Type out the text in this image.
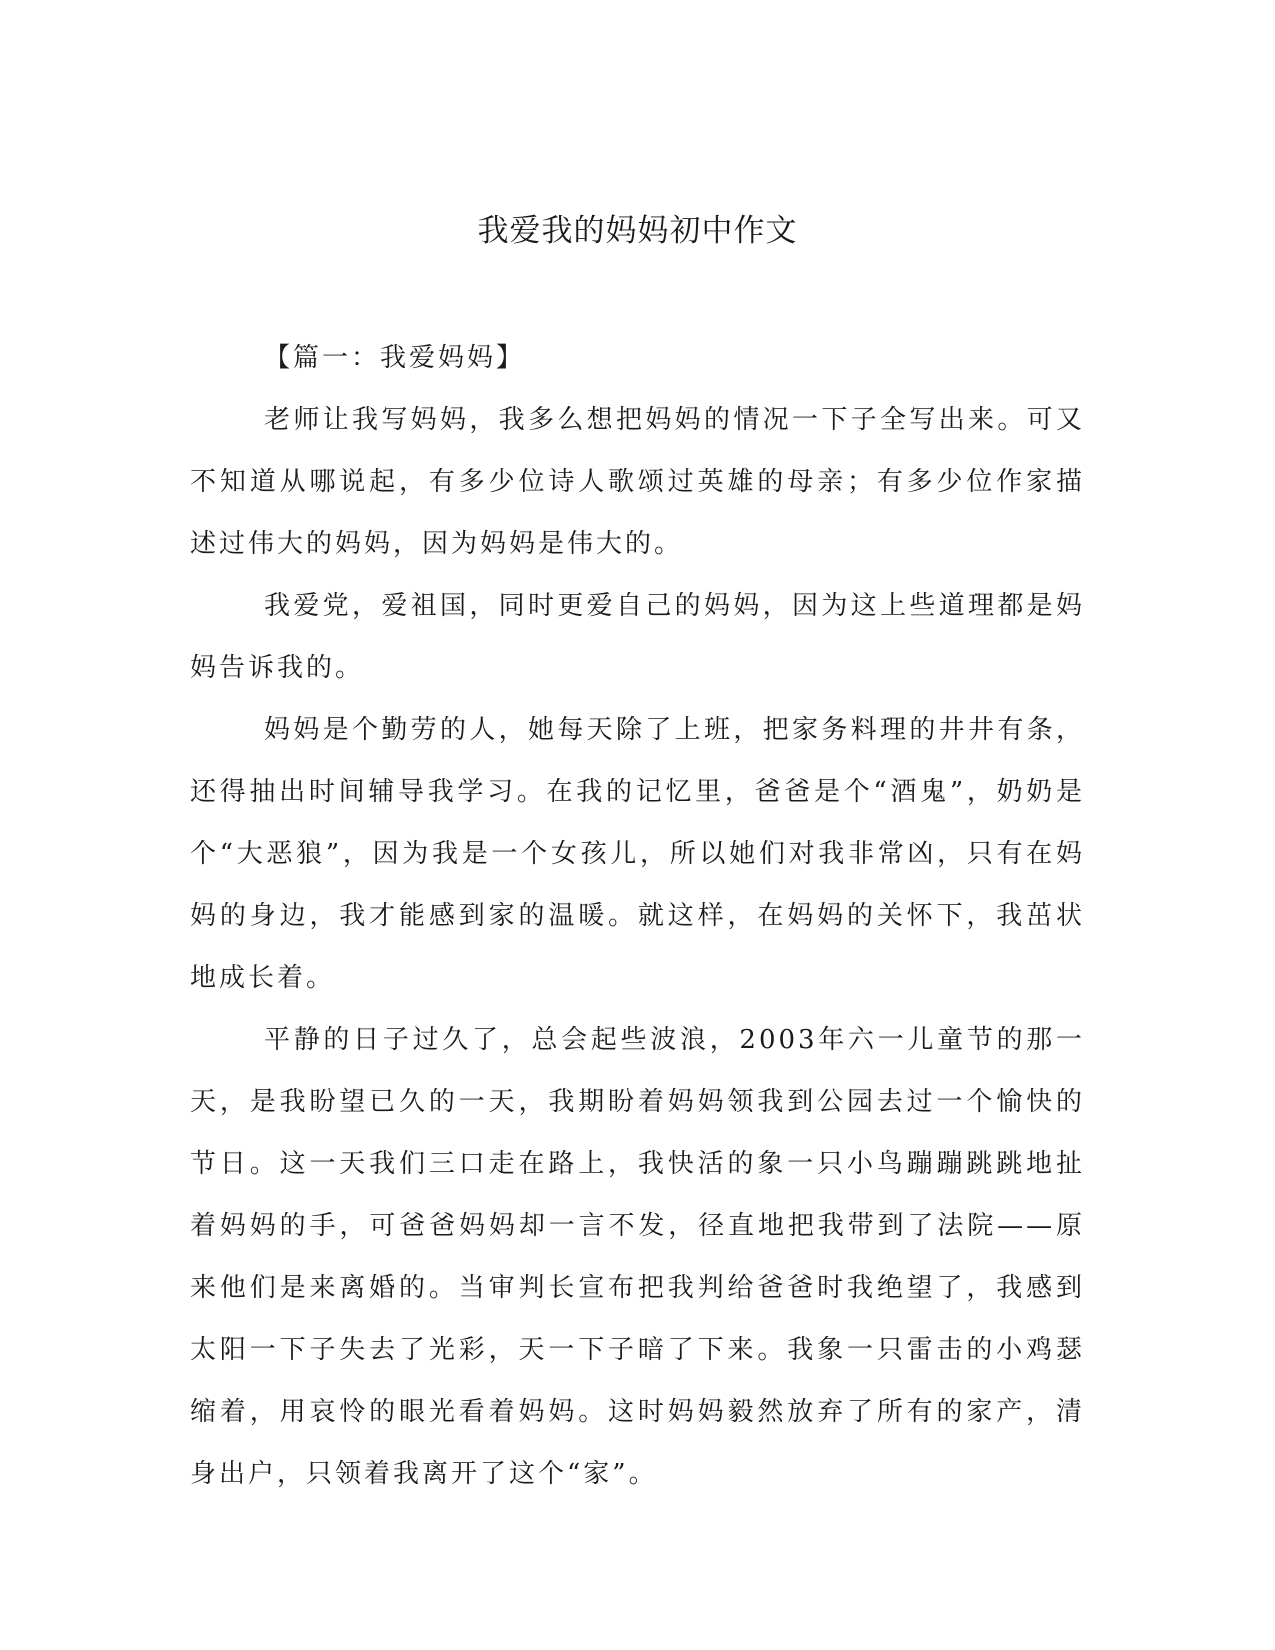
我爱我的妈妈初中作文
【篇一：我爱妈妈】

老师让我写妈妈，我多么想把妈妈的情况一下子全写出来。可又不知道从哪说起，有多少位诗人歌颂过英雄的母亲；有多少位作家描述过伟大的妈妈，因为妈妈是伟大的。

我爱党，爱祖国，同时更爱自己的妈妈，因为这上些道理都是妈妈告诉我的。

妈妈是个勤劳的人，她每天除了上班，把家务料理的井井有条，还得抽出时间辅导我学习。在我的记忆里，爸爸是个“酒鬼”，奶奶是个“大恶狼”，因为我是一个女孩儿，所以她们对我非常凶，只有在妈妈的身边，我才能感到家的温暖。就这样，在妈妈的关怀下，我茁状地成长着。

平静的日子过久了，总会起些波浪，2003年六一儿童节的那一天，是我盼望已久的一天，我期盼着妈妈领我到公园去过一个愉快的节日。这一天我们三口走在路上，我快活的象一只小鸟蹦蹦跳跳地扯着妈妈的手，可爸爸妈妈却一言不发，径直地把我带到了法院——原来他们是来离婚的。当审判长宣布把我判给爸爸时我绝望了，我感到太阳一下子失去了光彩，天一下子暗了下来。我象一只雷击的小鸡瑟缩着，用哀怜的眼光看着妈妈。这时妈妈毅然放弃了所有的家产，清身出户，只领着我离开了这个“家”。
